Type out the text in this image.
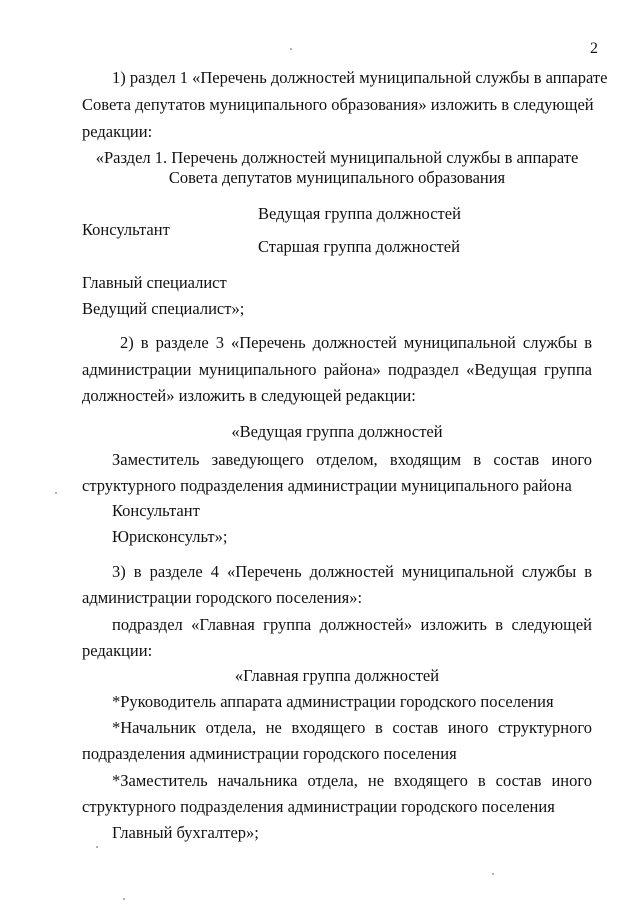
2
1) раздел 1 «Перечень должностей муниципальной службы в аппарате
Совета депутатов муниципального образования» изложить в следующей
редакции:
«Раздел 1. Перечень должностей муниципальной службы в аппарате
Совета депутатов муниципального образования
Ведущая группа должностей
Консультант
Старшая группа должностей
Главный специалист
Ведущий специалист»;
2) в разделе 3 «Перечень должностей муниципальной службы в
администрации муниципального района» подраздел «Ведущая группа
должностей» изложить в следующей редакции:
«Ведущая группа должностей
Заместитель заведующего отделом, входящим в состав иного
структурного подразделения администрации муниципального района
Консультант
Юрисконсульт»;
3) в разделе 4 «Перечень должностей муниципальной службы в
администрации городского поселения»:
подраздел «Главная группа должностей» изложить в следующей
редакции:
«Главная группа должностей
*Руководитель аппарата администрации городского поселения
*Начальник отдела, не входящего в состав иного структурного
подразделения администрации городского поселения
*Заместитель начальника отдела, не входящего в состав иного
структурного подразделения администрации городского поселения
Главный бухгалтер»;
